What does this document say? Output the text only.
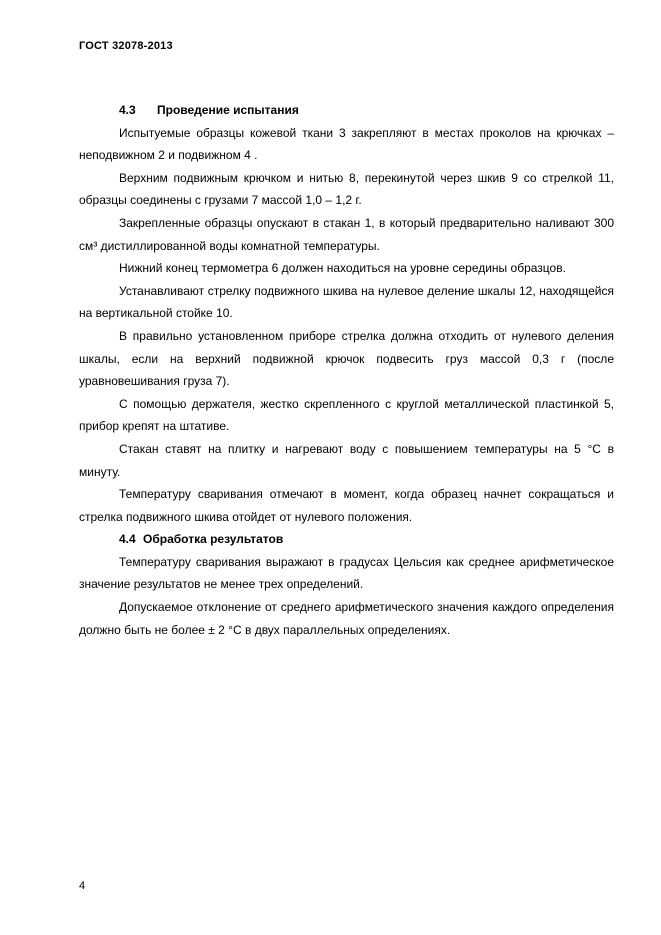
ГОСТ 32078-2013
4.3 Проведение испытания

Испытуемые образцы кожевой ткани 3 закрепляют в местах проколов на крючках – неподвижном 2 и подвижном 4 .

Верхним подвижным крючком и нитью 8, перекинутой через шкив 9 со стрелкой 11, образцы соединены с грузами 7 массой 1,0 – 1,2 г.

Закрепленные образцы опускают в стакан 1, в который предварительно наливают 300 см³ дистиллированной воды комнатной температуры.

Нижний конец термометра 6 должен находиться на уровне середины образцов.

Устанавливают стрелку подвижного шкива на нулевое деление шкалы 12, находящейся на вертикальной стойке 10.

В правильно установленном приборе стрелка должна отходить от нулевого деления шкалы, если на верхний подвижной крючок подвесить груз массой 0,3 г (после уравновешивания груза 7).

С помощью держателя, жестко скрепленного с круглой металлической пластинкой 5, прибор крепят на штативе.

Стакан ставят на плитку и нагревают воду с повышением температуры на 5 °С в минуту.

Температуру сваривания отмечают в момент, когда образец начнет сокращаться и стрелка подвижного шкива отойдет от нулевого положения.

4.4 Обработка результатов

Температуру сваривания выражают в градусах Цельсия как среднее арифметическое значение результатов не менее трех определений.

Допускаемое отклонение от среднего арифметического значения каждого определения должно быть не более ± 2 °С в двух параллельных определениях.

4
